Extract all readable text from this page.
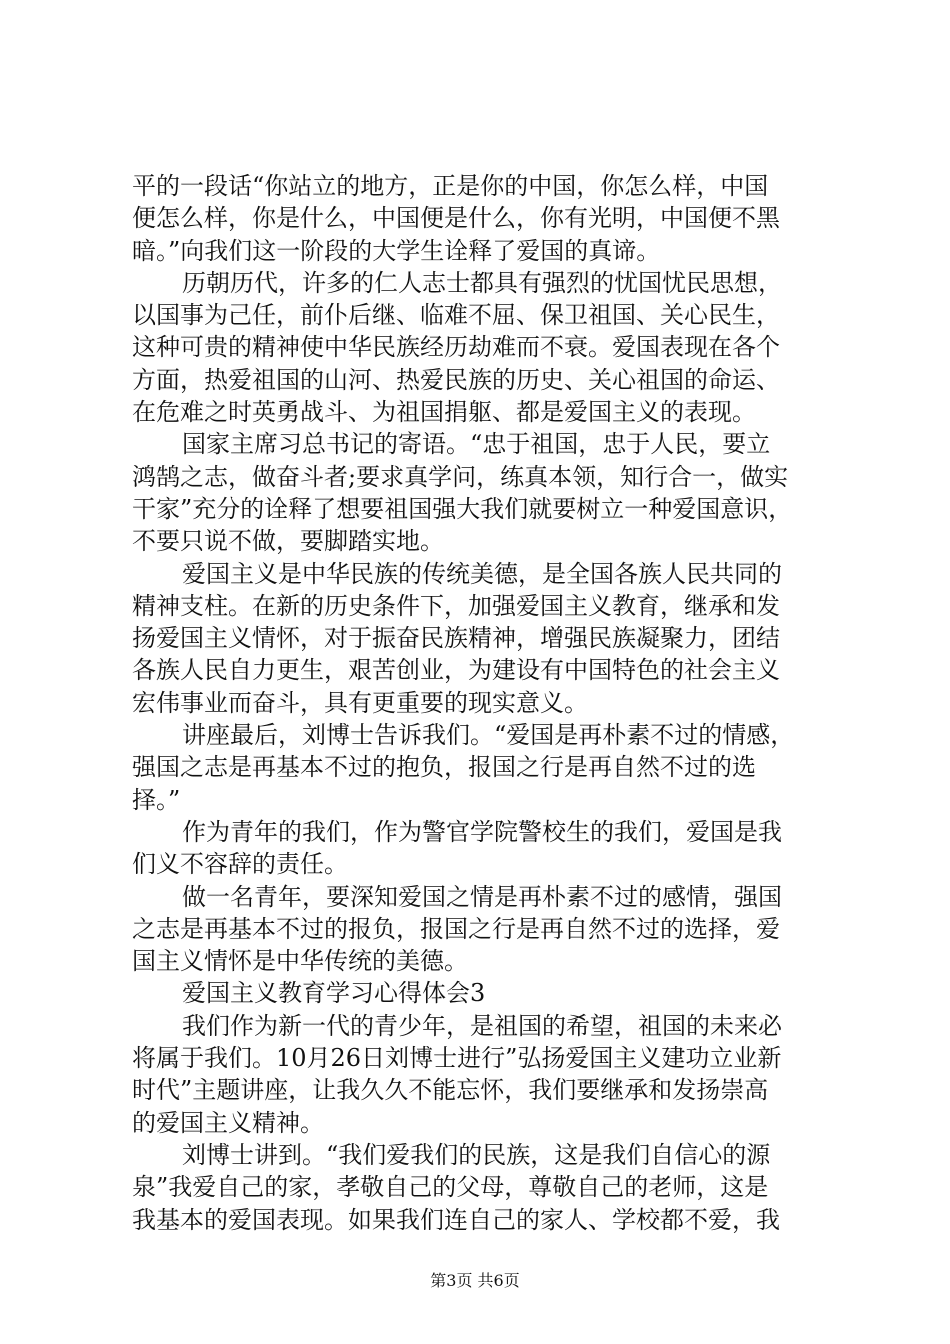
平的一段话“你站立的地方，正是你的中国，你怎么样，中国
便怎么样，你是什么，中国便是什么，你有光明，中国便不黑
暗。”向我们这一阶段的大学生诠释了爱国的真谛。
历朝历代，许多的仁人志士都具有强烈的忧国忧民思想，
以国事为己任，前仆后继、临难不屈、保卫祖国、关心民生，
这种可贵的精神使中华民族经历劫难而不衰。爱国表现在各个
方面，热爱祖国的山河、热爱民族的历史、关心祖国的命运、
在危难之时英勇战斗、为祖国捐躯、都是爱国主义的表现。
国家主席习总书记的寄语。“忠于祖国，忠于人民，要立
鸿鹄之志，做奋斗者;要求真学问，练真本领，知行合一，做实
干家”充分的诠释了想要祖国强大我们就要树立一种爱国意识，
不要只说不做，要脚踏实地。
爱国主义是中华民族的传统美德，是全国各族人民共同的
精神支柱。在新的历史条件下，加强爱国主义教育，继承和发
扬爱国主义情怀，对于振奋民族精神，增强民族凝聚力，团结
各族人民自力更生，艰苦创业，为建设有中国特色的社会主义
宏伟事业而奋斗，具有更重要的现实意义。
讲座最后，刘博士告诉我们。“爱国是再朴素不过的情感，
强国之志是再基本不过的抱负，报国之行是再自然不过的选
择。”
作为青年的我们，作为警官学院警校生的我们，爱国是我
们义不容辞的责任。
做一名青年，要深知爱国之情是再朴素不过的感情，强国
之志是再基本不过的报负，报国之行是再自然不过的选择，爱
国主义情怀是中华传统的美德。
爱国主义教育学习心得体会3
我们作为新一代的青少年，是祖国的希望，祖国的未来必
将属于我们。10月26日刘博士进行”弘扬爱国主义建功立业新
时代”主题讲座，让我久久不能忘怀，我们要继承和发扬崇高
的爱国主义精神。
刘博士讲到。“我们爱我们的民族，这是我们自信心的源
泉”我爱自己的家，孝敬自己的父母，尊敬自己的老师，这是
我基本的爱国表现。如果我们连自己的家人、学校都不爱，我
第3页 共6页
